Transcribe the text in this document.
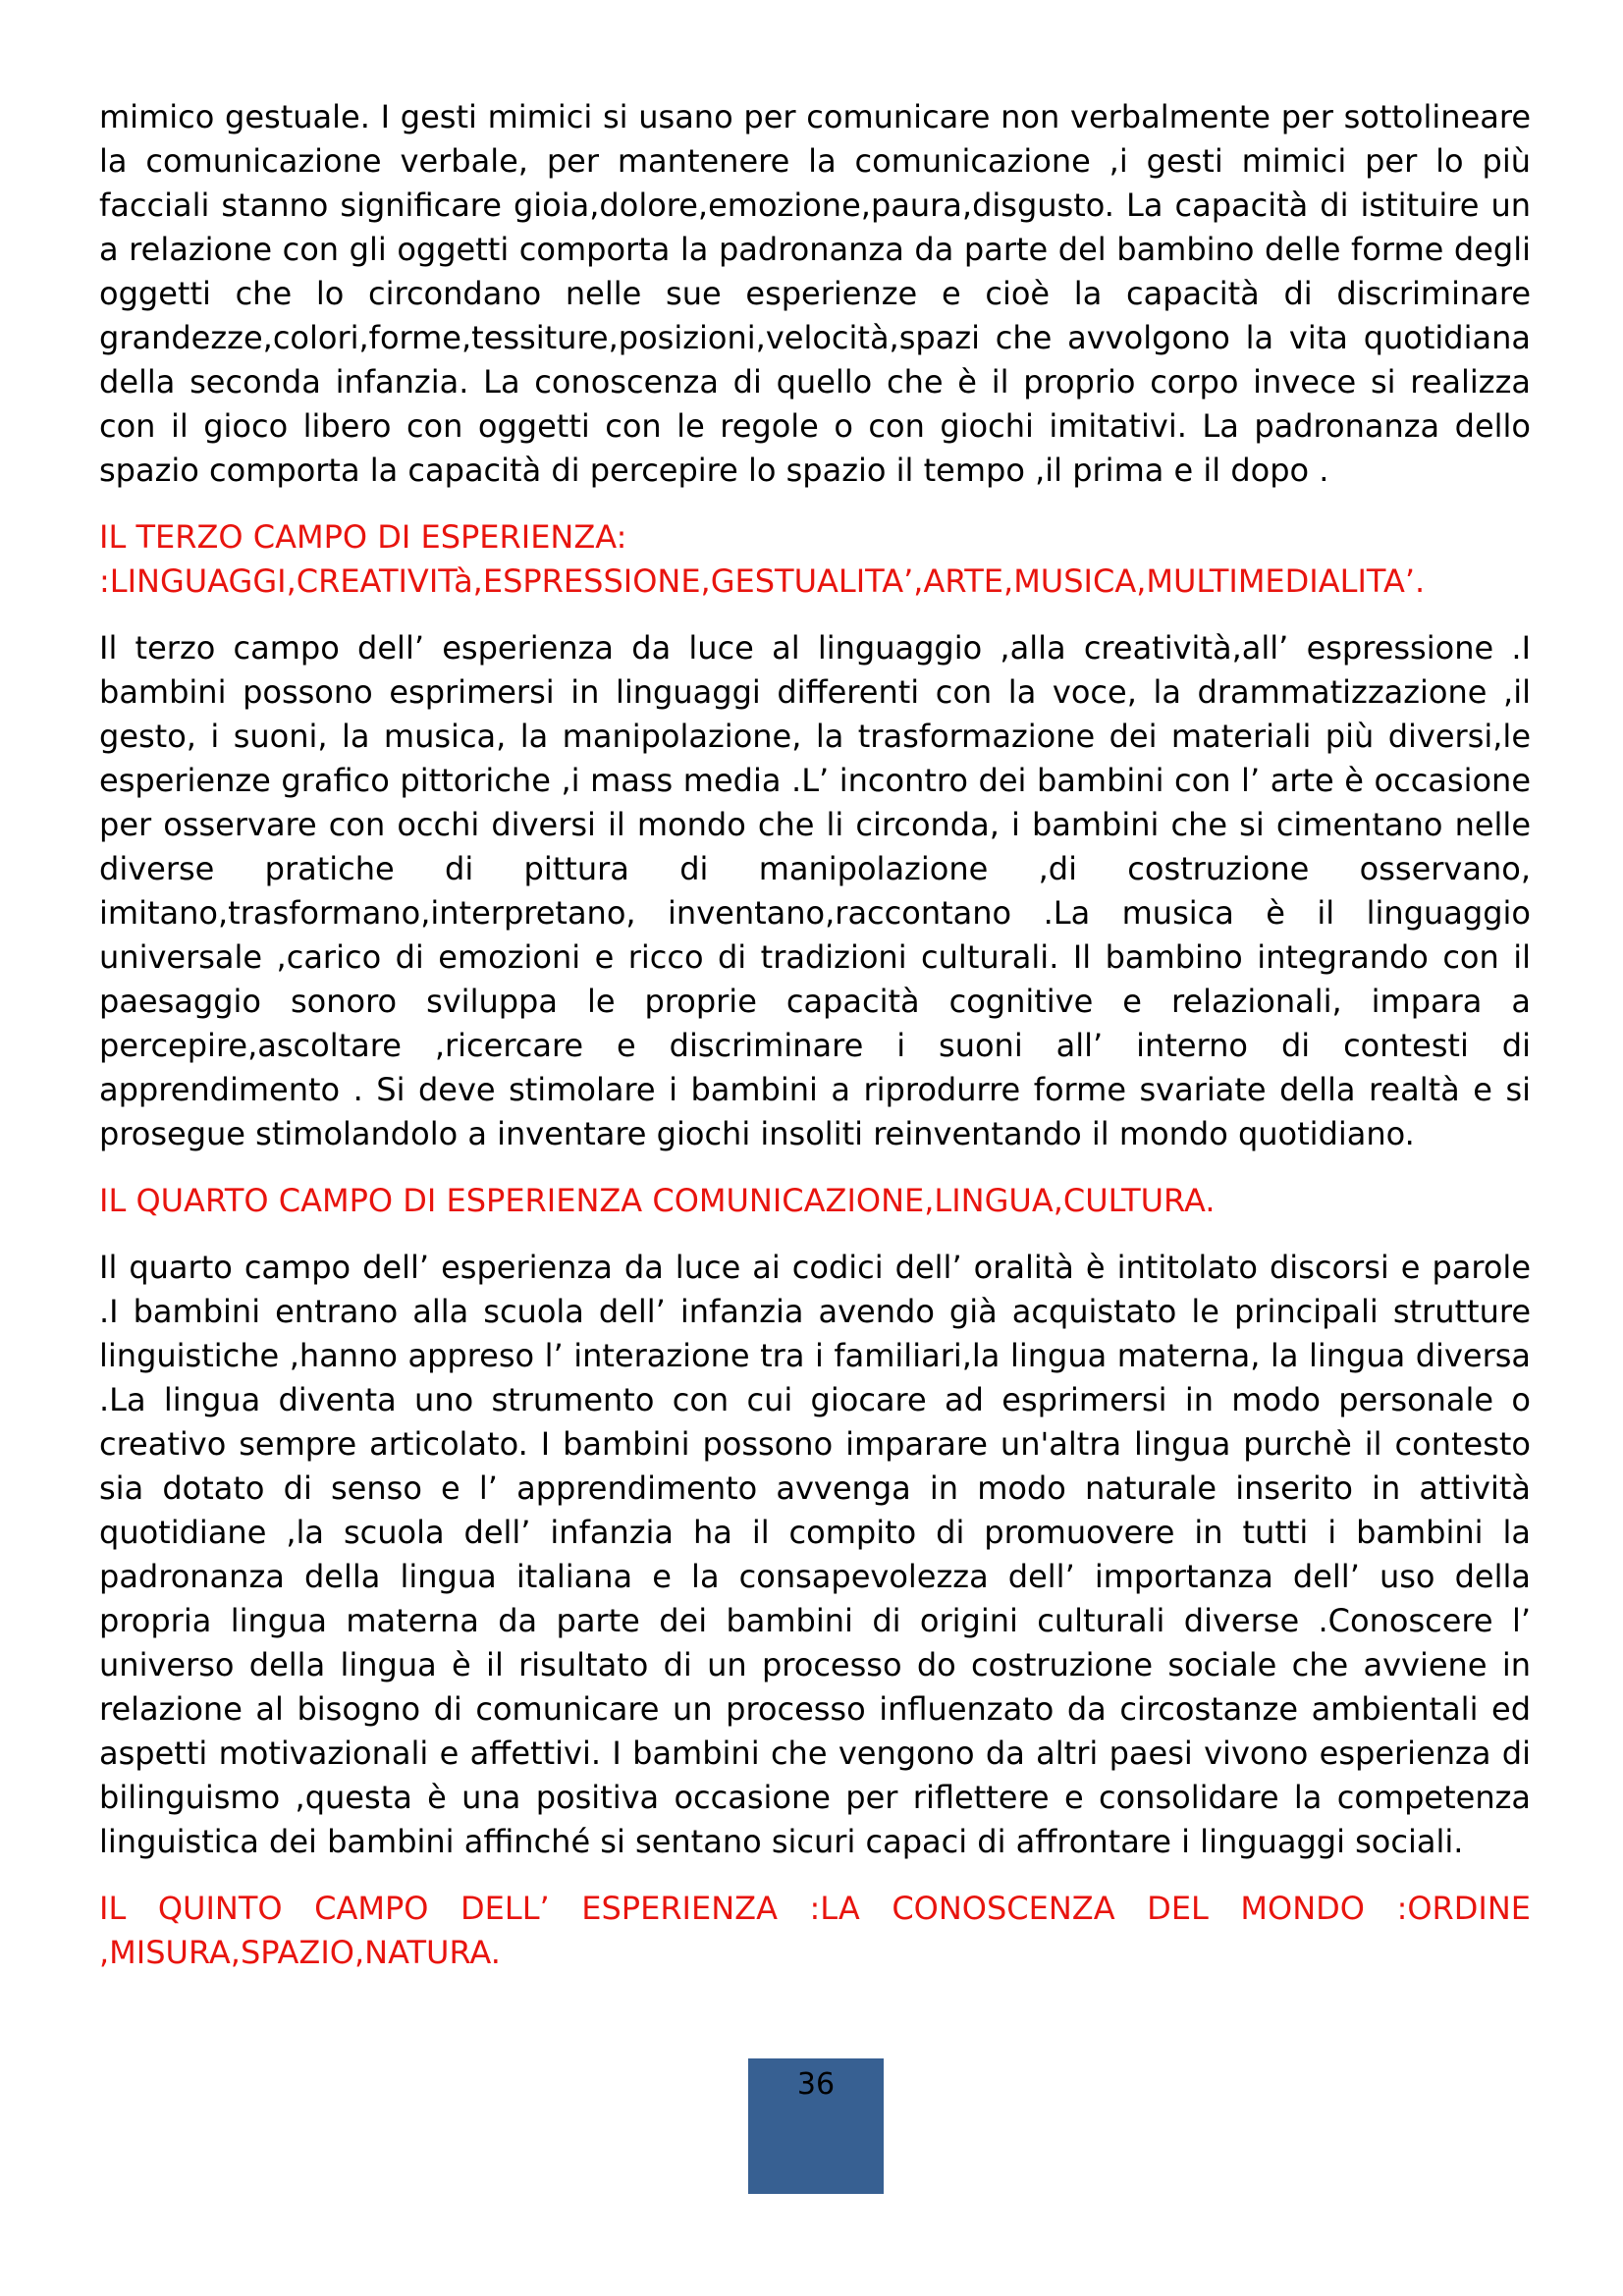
mimico gestuale. I gesti mimici si usano per comunicare non verbalmente per sottolineare la comunicazione verbale, per mantenere la comunicazione ,i gesti mimici per lo più facciali stanno significare gioia,dolore,emozione,paura,disgusto. La capacità di istituire un a relazione con gli oggetti comporta la padronanza da parte del bambino delle forme degli oggetti che lo circondano nelle sue esperienze e cioè la capacità di discriminare grandezze,colori,forme,tessiture,posizioni,velocità,spazi che avvolgono la vita quotidiana della seconda infanzia. La conoscenza di quello che è il proprio corpo invece si realizza con il gioco libero con oggetti con le regole o con giochi imitativi. La padronanza dello spazio comporta la capacità di percepire lo spazio il tempo ,il prima e il dopo .

IL TERZO CAMPO DI ESPERIENZA:

:LINGUAGGI,CREATIVITà,ESPRESSIONE,GESTUALITA’,ARTE,MUSICA,MULTIMEDIALITA’.

Il terzo campo dell’ esperienza da luce al linguaggio ,alla creatività,all’ espressione .I bambini possono esprimersi in linguaggi differenti con la voce, la drammatizzazione ,il gesto, i suoni, la musica, la manipolazione, la trasformazione dei materiali più diversi,le esperienze grafico pittoriche ,i mass media .L’ incontro dei bambini con l’ arte è occasione per osservare con occhi diversi il mondo che li circonda, i bambini che si cimentano nelle diverse pratiche di pittura di manipolazione ,di costruzione osservano, imitano,trasformano,interpretano, inventano,raccontano .La musica è il linguaggio universale ,carico di emozioni e ricco di tradizioni culturali. Il bambino integrando con il paesaggio sonoro sviluppa le proprie capacità cognitive e relazionali, impara a percepire,ascoltare ,ricercare e discriminare i suoni all’ interno di contesti di apprendimento . Si deve stimolare i bambini a riprodurre forme svariate della realtà e si prosegue stimolandolo a inventare giochi insoliti reinventando il mondo quotidiano.

IL QUARTO CAMPO DI ESPERIENZA COMUNICAZIONE,LINGUA,CULTURA.

Il quarto campo dell’ esperienza da luce ai codici dell’ oralità è intitolato discorsi e parole .I bambini entrano alla scuola dell’ infanzia avendo già acquistato le principali strutture linguistiche ,hanno appreso l’ interazione tra i familiari,la lingua materna, la lingua diversa .La lingua diventa uno strumento con cui giocare ad esprimersi in modo personale o creativo sempre articolato. I bambini possono imparare un'altra lingua purchè il contesto sia dotato di senso e l’ apprendimento avvenga in modo naturale inserito in attività quotidiane ,la scuola dell’ infanzia ha il compito di promuovere in tutti i bambini la padronanza della lingua italiana e la consapevolezza dell’ importanza dell’ uso della propria lingua materna da parte dei bambini di origini culturali diverse .Conoscere l’ universo della lingua è il risultato di un processo do costruzione sociale che avviene in relazione al bisogno di comunicare un processo influenzato da circostanze ambientali ed aspetti motivazionali e affettivi. I bambini che vengono da altri paesi vivono esperienza di bilinguismo ,questa è una positiva occasione per riflettere e consolidare la competenza linguistica dei bambini affinché si sentano sicuri capaci di affrontare i linguaggi sociali.

IL QUINTO CAMPO DELL’ ESPERIENZA :LA CONOSCENZA DEL MONDO :ORDINE ,MISURA,SPAZIO,NATURA.

36
